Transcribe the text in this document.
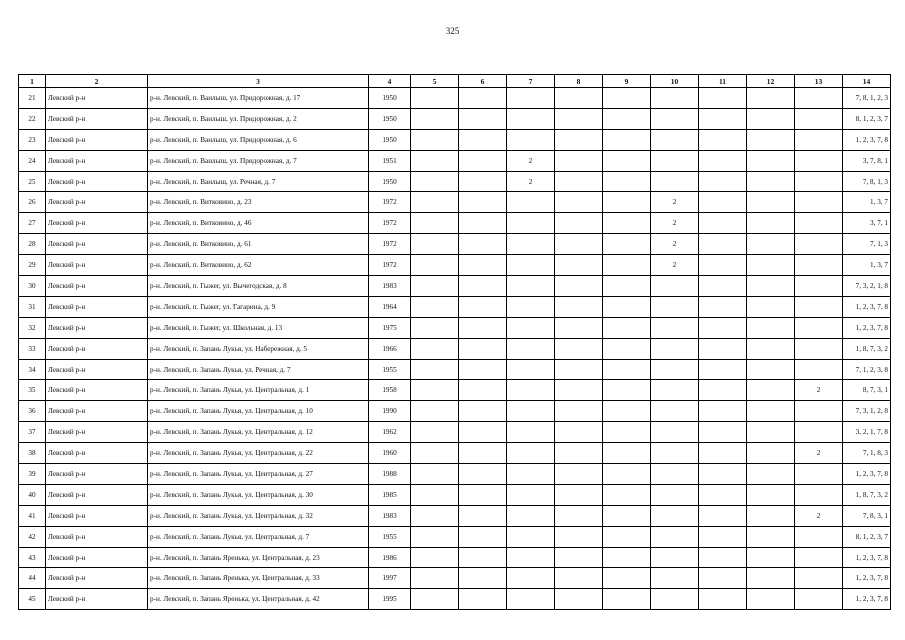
325
1	2	3	4	5	6	7	8	9	10	11	12	13	14
21	Левский р-н	р-н. Левский, п. Ванлыш, ул. Придорожная, д. 17	1950										7, 8, 1, 2, 3
22	Левский р-н	р-н. Левский, п. Ванлыш, ул. Придорожная, д. 2	1950										8, 1, 2, 3, 7
23	Левский р-н	р-н. Левский, п. Ванлыш, ул. Придорожная, д. 6	1950										1, 2, 3, 7, 8
24	Левский р-н	р-н. Левский, п. Ванлыш, ул. Придорожная, д. 7	1951			2							3, 7, 8, 1
25	Левский р-н	р-н. Левский, п. Ванлыш, ул. Речная, д. 7	1950			2							7, 8, 1, 3
26	Левский р-н	р-н. Левский, п. Витковино, д. 23	1972						2				1, 3, 7
27	Левский р-н	р-н. Левский, п. Витковино, д. 46	1972						2				3, 7, 1
28	Левский р-н	р-н. Левский, п. Витковино, д. 61	1972						2				7, 1, 3
29	Левский р-н	р-н. Левский, п. Витковино, д. 62	1972						2				1, 3, 7
30	Левский р-н	р-н. Левский, п. Гыжег, ул. Вычегодская, д. 8	1983										7, 3, 2, 1, 8
31	Левский р-н	р-н. Левский, п. Гыжег, ул. Гагарина, д. 9	1964										1, 2, 3, 7, 8
32	Левский р-н	р-н. Левский, п. Гыжег, ул. Школьная, д. 13	1975										1, 2, 3, 7, 8
33	Левский р-н	р-н. Левский, п. Запань Лукья, ул. Набережная, д. 5	1966										1, 8, 7, 3, 2
34	Левский р-н	р-н. Левский, п. Запань Лукья, ул. Речная, д. 7	1955										7, 1, 2, 3, 8
35	Левский р-н	р-н. Левский, п. Запань Лукья, ул. Центральная, д. 1	1958									2	8, 7, 3, 1
36	Левский р-н	р-н. Левский, п. Запань Лукья, ул. Центральная, д. 10	1990										7, 3, 1, 2, 8
37	Левский р-н	р-н. Левский, п. Запань Лукья, ул. Центральная, д. 12	1962										3, 2, 1, 7, 8
38	Левский р-н	р-н. Левский, п. Запань Лукья, ул. Центральная, д. 22	1960									2	7, 1, 8, 3
39	Левский р-н	р-н. Левский, п. Запань Лукья, ул. Центральная, д. 27	1988										1, 2, 3, 7, 8
40	Левский р-н	р-н. Левский, п. Запань Лукья, ул. Центральная, д. 30	1985										1, 8, 7, 3, 2
41	Левский р-н	р-н. Левский, п. Запань Лукья, ул. Центральная, д. 32	1983									2	7, 8, 3, 1
42	Левский р-н	р-н. Левский, п. Запань Лукья, ул. Центральная, д. 7	1955										8, 1, 2, 3, 7
43	Левский р-н	р-н. Левский, п. Запань Яренька, ул. Центральная, д. 23	1986										1, 2, 3, 7, 8
44	Левский р-н	р-н. Левский, п. Запань Яренька, ул. Центральная, д. 33	1997										1, 2, 3, 7, 8
45	Левский р-н	р-н. Левский, п. Запань Яренька, ул. Центральная, д. 42	1995										1, 2, 3, 7, 8
